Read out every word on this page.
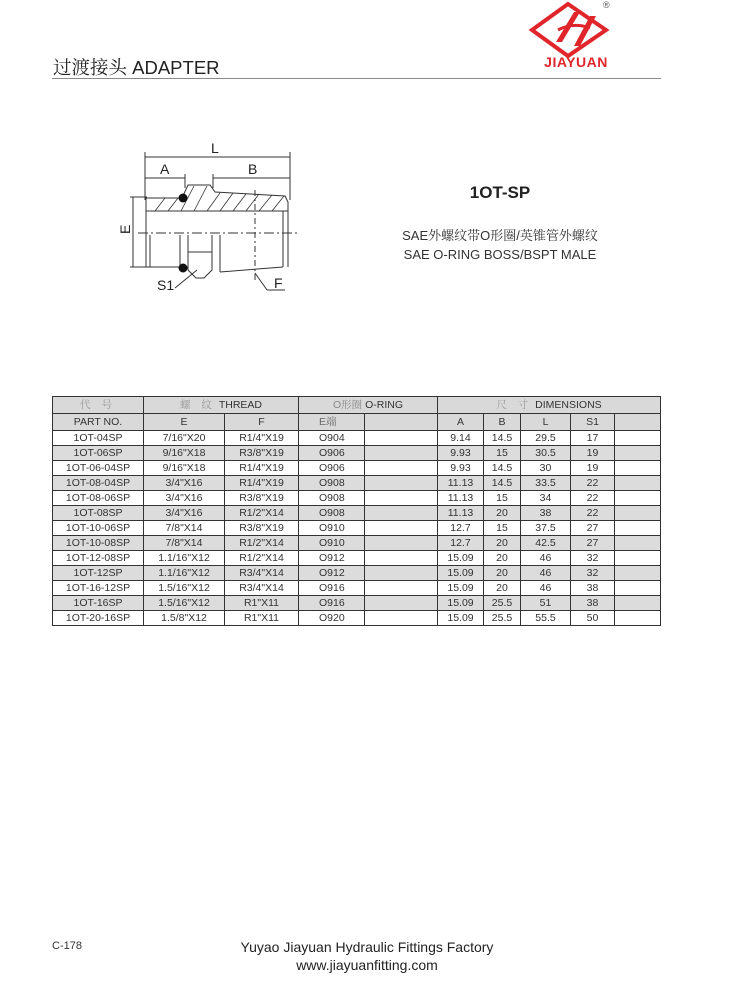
过渡接头 ADAPTER
®
JIAYUAN
L
A	B
E
S1	F
1OT-SP
SAE外螺纹带O形圈/英锥管外螺纹
SAE O-RING BOSS/BSPT MALE
代 号	螺 纹 THREAD		O形圈 O-RING		尺 寸 DIMENSIONS				
PART NO.	E	F	E端		A	B	L	S1	
1OT-04SP	7/16"X20	R1/4"X19	O904		9.14	14.5	29.5	17	
1OT-06SP	9/16"X18	R3/8"X19	O906		9.93	15	30.5	19	
1OT-06-04SP	9/16"X18	R1/4"X19	O906		9.93	14.5	30	19	
1OT-08-04SP	3/4"X16	R1/4"X19	O908		11.13	14.5	33.5	22	
1OT-08-06SP	3/4"X16	R3/8"X19	O908		11.13	15	34	22	
1OT-08SP	3/4"X16	R1/2"X14	O908		11.13	20	38	22	
1OT-10-06SP	7/8"X14	R3/8"X19	O910		12.7	15	37.5	27	
1OT-10-08SP	7/8"X14	R1/2"X14	O910		12.7	20	42.5	27	
1OT-12-08SP	1.1/16"X12	R1/2"X14	O912		15.09	20	46	32	
1OT-12SP	1.1/16"X12	R3/4"X14	O912		15.09	20	46	32	
1OT-16-12SP	1.5/16"X12	R3/4"X14	O916		15.09	20	46	38	
1OT-16SP	1.5/16"X12	R1"X11	O916		15.09	25.5	51	38	
1OT-20-16SP	1.5/8"X12	R1"X11	O920		15.09	25.5	55.5	50	
C-178	Yuyao Jiayuan Hydraulic Fittings Factory
www.jiayuanfitting.com
